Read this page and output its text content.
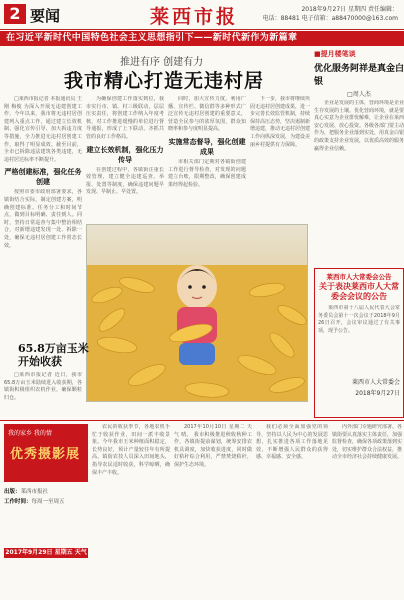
2 要闻	莱西市报	2018年9月27日 星期四 责任编辑：
电话：88481 电子信箱：a88470000@163.com
在习近平新时代中国特色社会主义思想指引下——新时代新作为新篇章
推进有序 创建有力
我市精心打造无违村居

□莱西市报记者 本报通讯员 王刚 梅俊 为深入开展无违建创建工作，今年以来，我市将无违村居创建列入重点工作，通过建立长效机制、强化宣传引导、加大拆违力度等措施，全力推进无违村居创建工作，取得了明显成效。截至目前，全市已拆除违法建筑各类违建，无违村居达标率不断提升。

严格创建标准，强化任务创建

按照市委市政府部署要求，各镇街结合实际，制定创建方案，明确创建标准、任务分工和时间节点，做到目标明确、责任到人。同时，坚持日常巡查与集中整治相结合，对新增违建发现一处、拆除一处，确保无违村居创建工作常态长效。

为确保创建工作落实到位，我市实行市、镇、村三级联动，层层压实责任，将创建工作纳入年度考核，对工作推进缓慢的单位进行督导通报，形成了上下联动、齐抓共管的良好工作格局。

建立长效机制，强化压力传导

在创建过程中，各镇街注重长效管理，建立健全违建巡查、举报、处置等制度，确保违建问题早发现、早制止、早处置。

同时，加大宣传力度，利用广播、宣传栏、微信群等多种形式广泛宣传无违村居创建的重要意义，营造全民参与的浓厚氛围，群众知晓率和参与度明显提高。

实施常态督导，强化创建成果

市相关部门定期对各镇街创建工作进行督导检查，对发现的问题建立台账，限期整改，确保创建成果经得起检验。

下一步，我市将继续巩固无违村居创建成果，进一步完善长效监管机制，持续保持高压态势，坚决遏制新增违建，推动无违村居创建工作向纵深发展，为建设美丽乡村提供有力保障。

■提月楼笔谈
优化服务阿祥是真金白银
□周人杰

企业是发展的主体，营商环境是企业生存发展的土壤。优化营商环境，就是要真心实意为企业排忧解难，让企业在莱西安心发展、放心投资。各级各部门要主动作为，把服务企业落到实处，用真金白银的政策支持企业发展，以优质高效的服务赢得企业信赖。

莱西市人大常委会公告
关于表决莱西市人大常委会会议的公告

莱西市第十八届人民代表大会常务委员会第十一次会议于2018年9月26日召开，会议审议通过了有关事项，现予公告。

莱西市人大常委会
2018年9月27日
65.8万亩玉米
开始收获

□莱西市报记者 近日，我市65.8万亩玉米陆续进入收获期，各镇街积极组织农机作业，确保颗粒归仓。

我的家乡 我的情
优秀摄影展
出版：莱西市报社
工作时间：每周一至周五
2017年9月29日 星期五 天气

农民的收获季节，各地农机手忙于收获作业，田间一派丰收景象。今年我市玉米种植面积稳定，长势良好，预计产量较往年有所提高。镇街农技人员深入田间地头，指导农民适时收获，科学晾晒，确保丰产丰收。

2017年10月10日 星期二 天气 晴。 我市积极推进秋收秋种工作，各镇街提前谋划，统筹安排农机具调度，加快收获进度，同时做好秸秆综合利用，严禁焚烧秸秆，保护生态环境。

我们必须全面加强党的领导，坚持以人民为中心的发展思想，扎实推进各项工作落地见效，不断增强人民群众的获得感、幸福感、安全感。

内外部门专题研究部署。各镇街要认真落实主体责任，加强监督检查，确保各项政策落到实处，切实维护群众合法权益，推动全市经济社会持续健康发展。
